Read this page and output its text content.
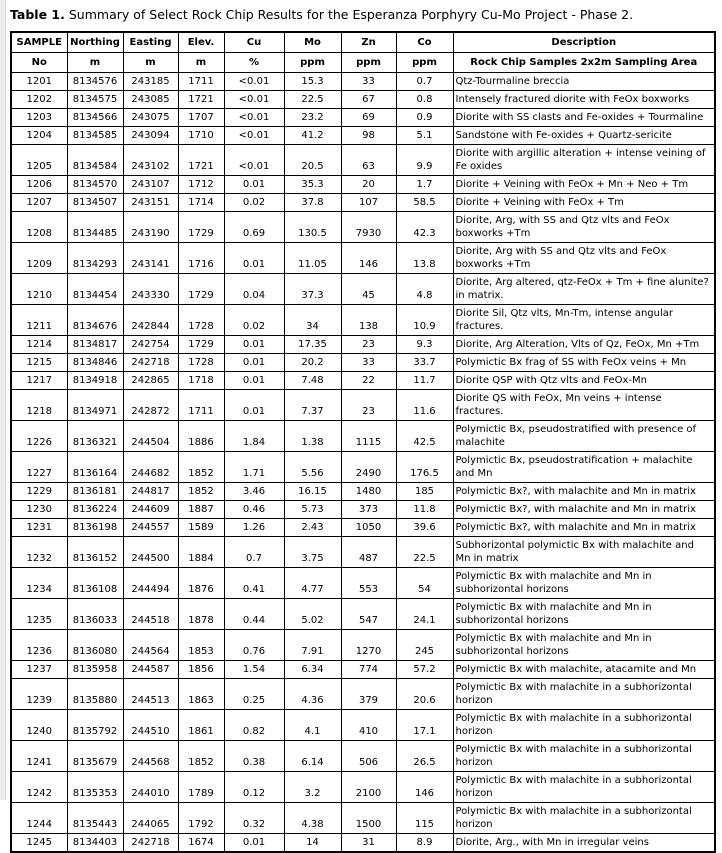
Table 1. Summary of Select Rock Chip Results for the Esperanza Porphyry Cu-Mo Project - Phase 2.

SAMPLE	Northing	Easting	Elev.	Cu	Mo	Zn	Co	Description
No	m	m	m	%	ppm	ppm	ppm	Rock Chip Samples 2x2m Sampling Area
1201	8134576	243185	1711	<0.01	15.3	33	0.7	Qtz-Tourmaline breccia
1202	8134575	243085	1721	<0.01	22.5	67	0.8	Intensely fractured diorite with FeOx boxworks
1203	8134566	243075	1707	<0.01	23.2	69	0.9	Diorite with SS clasts and Fe-oxides + Tourmaline
1204	8134585	243094	1710	<0.01	41.2	98	5.1	Sandstone with Fe-oxides + Quartz-sericite
1205	8134584	243102	1721	<0.01	20.5	63	9.9	Diorite with argillic alteration + intense veining of Fe oxides
1206	8134570	243107	1712	0.01	35.3	20	1.7	Diorite + Veining with FeOx + Mn + Neo + Tm
1207	8134507	243151	1714	0.02	37.8	107	58.5	Diorite + Veining with FeOx + Tm
1208	8134485	243190	1729	0.69	130.5	7930	42.3	Diorite, Arg, with SS and Qtz vlts and FeOx boxworks +Tm
1209	8134293	243141	1716	0.01	11.05	146	13.8	Diorite, Arg with SS and Qtz vlts and FeOx boxworks +Tm
1210	8134454	243330	1729	0.04	37.3	45	4.8	Diorite, Arg altered, qtz-FeOx + Tm + fine alunite? in matrix.
1211	8134676	242844	1728	0.02	34	138	10.9	Diorite Sil, Qtz vlts, Mn-Tm, intense angular fractures.
1214	8134817	242754	1729	0.01	17.35	23	9.3	Diorite, Arg Alteration, Vlts of Qz, FeOx, Mn +Tm
1215	8134846	242718	1728	0.01	20.2	33	33.7	Polymictic Bx frag of SS with FeOx veins + Mn
1217	8134918	242865	1718	0.01	7.48	22	11.7	Diorite QSP with Qtz vlts and FeOx-Mn
1218	8134971	242872	1711	0.01	7.37	23	11.6	Diorite QS with FeOx, Mn veins + intense fractures.
1226	8136321	244504	1886	1.84	1.38	1115	42.5	Polymictic Bx, pseudostratified with presence of malachite
1227	8136164	244682	1852	1.71	5.56	2490	176.5	Polymictic Bx, pseudostratification + malachite and Mn
1229	8136181	244817	1852	3.46	16.15	1480	185	Polymictic Bx?, with malachite and Mn in matrix
1230	8136224	244609	1887	0.46	5.73	373	11.8	Polymictic Bx?, with malachite and Mn in matrix
1231	8136198	244557	1589	1.26	2.43	1050	39.6	Polymictic Bx?, with malachite and Mn in matrix
1232	8136152	244500	1884	0.7	3.75	487	22.5	Subhorizontal polymictic Bx with malachite and Mn in matrix
1234	8136108	244494	1876	0.41	4.77	553	54	Polymictic Bx with malachite and Mn in subhorizontal horizons
1235	8136033	244518	1878	0.44	5.02	547	24.1	Polymictic Bx with malachite and Mn in subhorizontal horizons
1236	8136080	244564	1853	0.76	7.91	1270	245	Polymictic Bx with malachite and Mn in subhorizontal horizons
1237	8135958	244587	1856	1.54	6.34	774	57.2	Polymictic Bx with malachite, atacamite and Mn
1239	8135880	244513	1863	0.25	4.36	379	20.6	Polymictic Bx with malachite in a subhorizontal horizon
1240	8135792	244510	1861	0.82	4.1	410	17.1	Polymictic Bx with malachite in a subhorizontal horizon
1241	8135679	244568	1852	0.38	6.14	506	26.5	Polymictic Bx with malachite in a subhorizontal horizon
1242	8135353	244010	1789	0.12	3.2	2100	146	Polymictic Bx with malachite in a subhorizontal horizon
1244	8135443	244065	1792	0.32	4.38	1500	115	Polymictic Bx with malachite in a subhorizontal horizon
1245	8134403	242718	1674	0.01	14	31	8.9	Diorite, Arg., with Mn in irregular veins
